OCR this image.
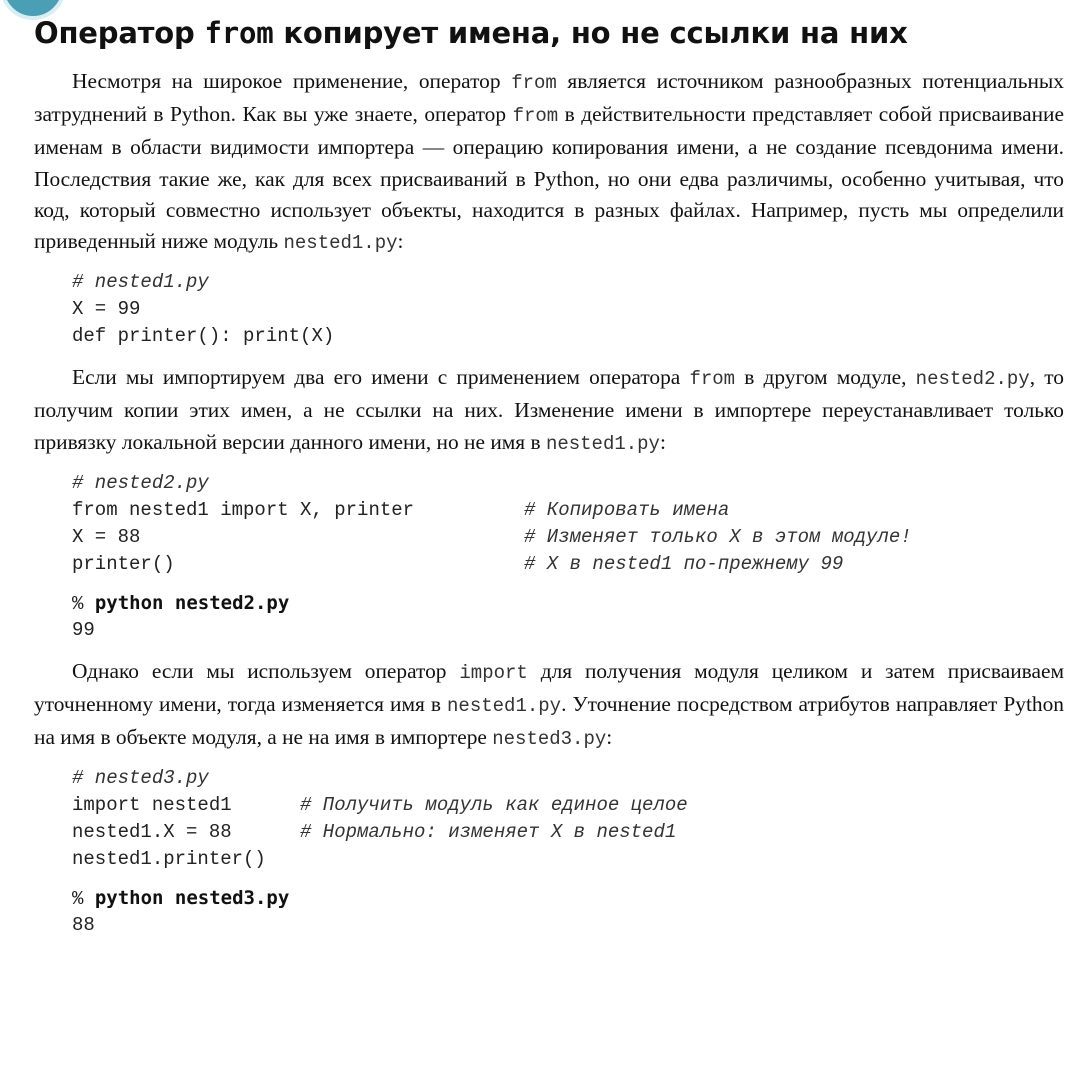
Оператор from копирует имена, но не ссылки на них

Несмотря на широкое применение, оператор from является источником разнообразных потенциальных затруднений в Python. Как вы уже знаете, оператор from в действительности представляет собой присваивание именам в области видимости импортера — операцию копирования имени, а не создание псевдонима имени. Последствия такие же, как для всех присваиваний в Python, но они едва различимы, особенно учитывая, что код, который совместно использует объекты, находится в разных файлах. Например, пусть мы определили приведенный ниже модуль nested1.py:

# nested1.py
X = 99
def printer(): print(X)

Если мы импортируем два его имени с применением оператора from в другом модуле, nested2.py, то получим копии этих имен, а не ссылки на них. Изменение имени в импортере переустанавливает только привязку локальной версии данного имени, но не имя в nested1.py:

# nested2.py
from nested1 import X, printer	# Копировать имена
X = 88	# Изменяет только X в этом модуле!
printer()	# X в nested1 по-прежнему 99
% python nested2.py
99

Однако если мы используем оператор import для получения модуля целиком и затем присваиваем уточненному имени, тогда изменяется имя в nested1.py. Уточнение посредством атрибутов направляет Python на имя в объекте модуля, а не на имя в импортере nested3.py:

# nested3.py
import nested1	# Получить модуль как единое целое
nested1.X = 88	# Нормально: изменяет X в nested1
nested1.printer()
% python nested3.py
88
